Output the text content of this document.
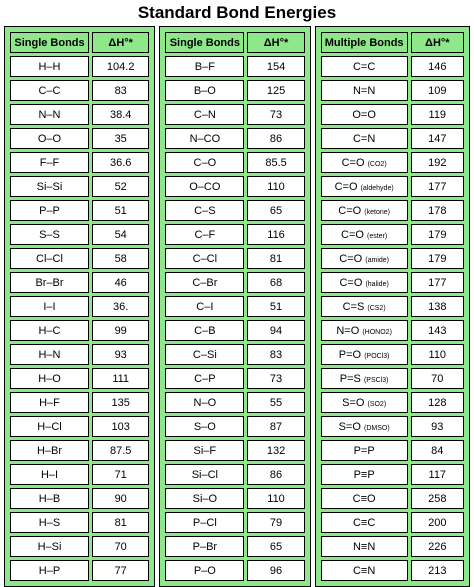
Standard Bond Energies
Single Bonds	ΔH°*
H–H	104.2
C–C	83
N–N	38.4
O–O	35
F–F	36.6
Si–Si	52
P–P	51
S–S	54
Cl–Cl	58
Br–Br	46
I–I	36.
H–C	99
H–N	93
H–O	111
H–F	135
H–Cl	103
H–Br	87.5
H–I	71
H–B	90
H–S	81
H–Si	70
H–P	77
Single Bonds	ΔH°*
B–F	154
B–O	125
C–N	73
N–CO	86
C–O	85.5
O–CO	110
C–S	65
C–F	116
C–Cl	81
C–Br	68
C–I	51
C–B	94
C–Si	83
C–P	73
N–O	55
S–O	87
Si–F	132
Si–Cl	86
Si–O	110
P–Cl	79
P–Br	65
P–O	96
Multiple Bonds	ΔH°*
C=C	146
N=N	109
O=O	119
C=N	147
C=O (CO2)	192
C=O (aldehyde)	177
C=O (ketone)	178
C=O (ester)	179
C=O (amide)	179
C=O (halide)	177
C=S (CS2)	138
N=O (HONO2)	143
P=O (POCl3)	110
P=S (PSCl3)	70
S=O (SO2)	128
S=O (DMSO)	93
P=P	84
P≡P	117
C≡O	258
C≡C	200
N≡N	226
C≡N	213
